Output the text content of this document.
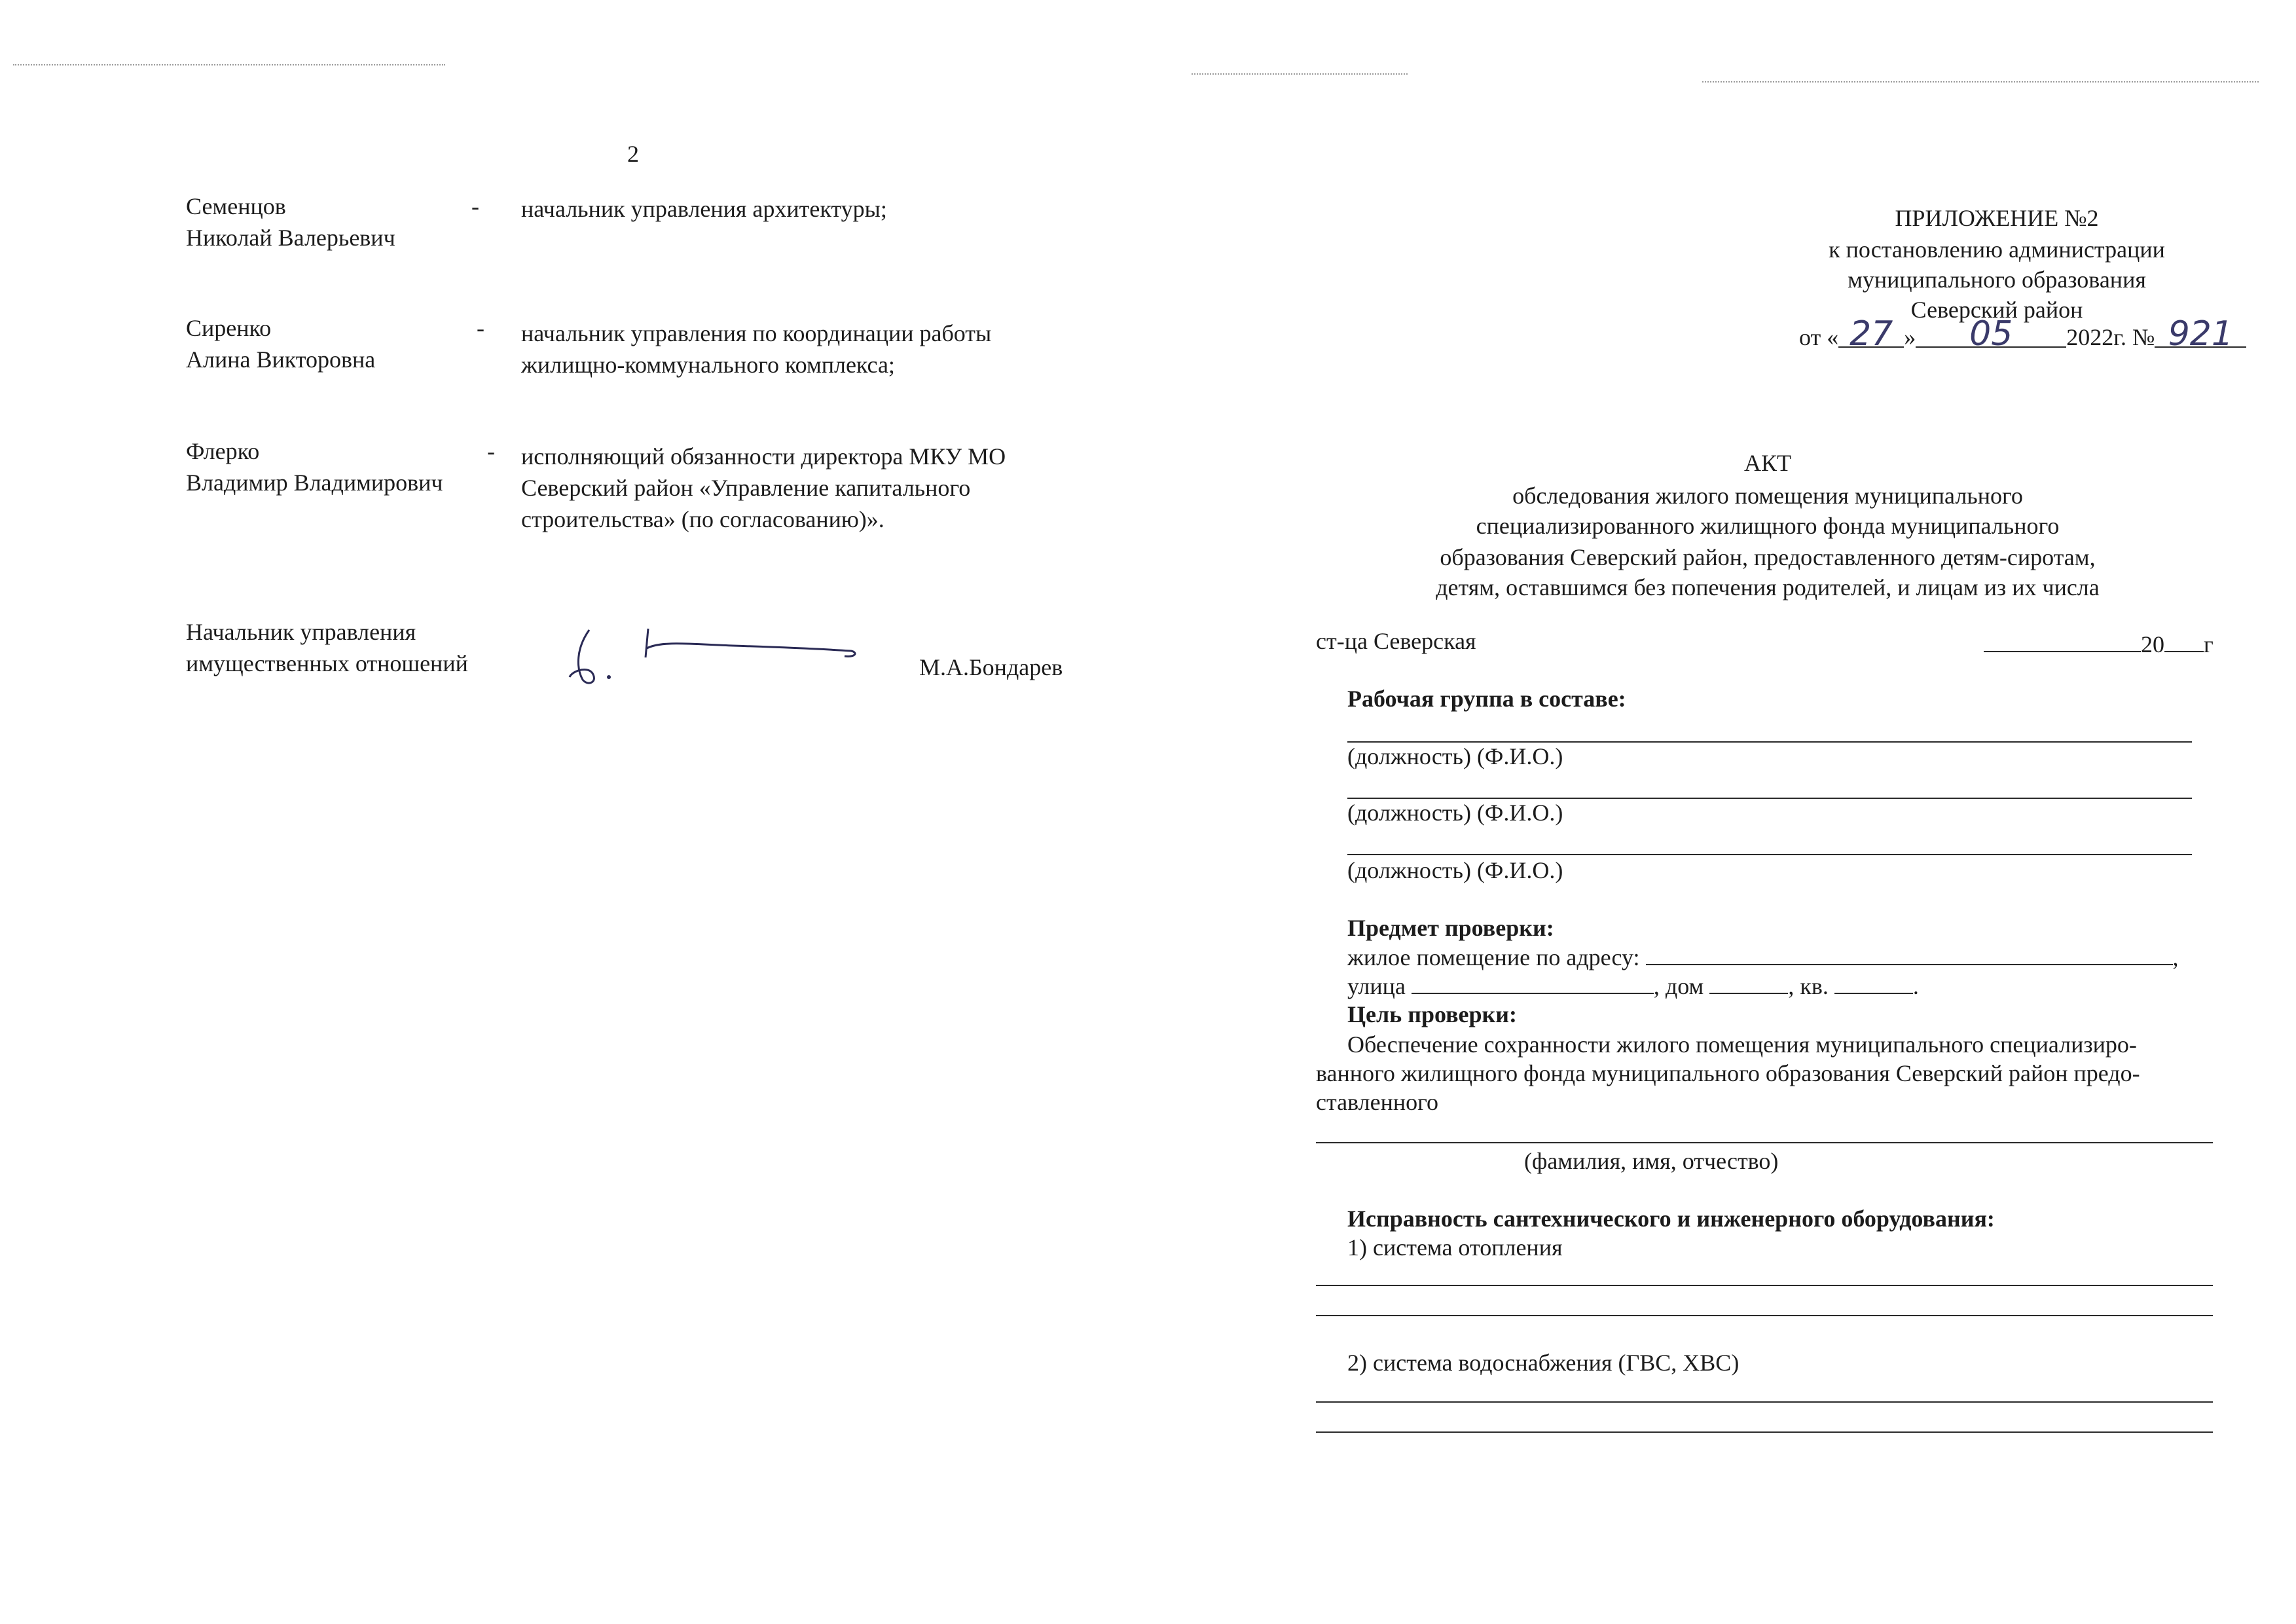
2
Семенцов
Николай Валерьевич
- начальник управления архитектуры;
Сиренко
Алина Викторовна
- начальник управления по координации работы
жилищно-коммунального комплекса;
Флерко
Владимир Владимирович
- исполняющий обязанности директора МКУ МО
Северский район «Управление капитального
строительства» (по согласованию)».
Начальник управления
имущественных отношений	М.А.Бондарев
ПРИЛОЖЕНИЕ №2
к постановлению администрации
муниципального образования
Северский район
от « 27 » 05 2022г. № 921
АКТ
обследования жилого помещения муниципального
специализированного жилищного фонда муниципального
образования Северский район, предоставленного детям-сиротам,
детям, оставшимся без попечения родителей, и лицам из их числа
ст-ца Северская	20 г
Рабочая группа в составе:
(должность) (Ф.И.О.)
(должность) (Ф.И.О.)
(должность) (Ф.И.О.)
Предмет проверки:
жилое помещение по адресу:	,
улица	, дом	, кв.	.
Цель проверки:
Обеспечение сохранности жилого помещения муниципального специализиро-
ванного жилищного фонда муниципального образования Северский район предо-
ставленного
(фамилия, имя, отчество)
Исправность сантехнического и инженерного оборудования:
1) система отопления
2) система водоснабжения (ГВС, ХВС)
